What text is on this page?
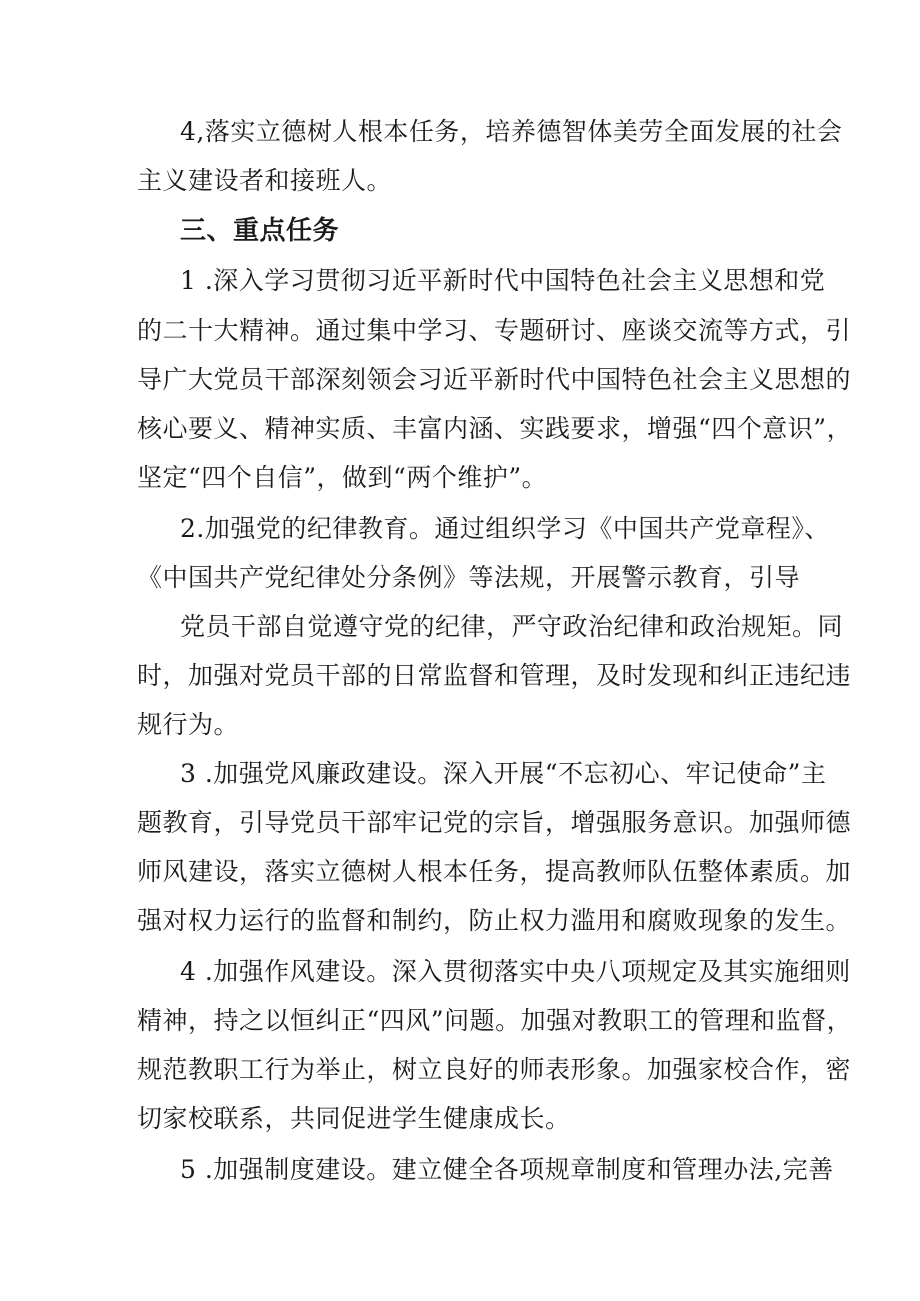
4,落实立德树人根本任务，培养德智体美劳全面发展的社会
主义建设者和接班人。
三、重点任务
1 .深入学习贯彻习近平新时代中国特色社会主义思想和党
的二十大精神。通过集中学习、专题研讨、座谈交流等方式，引
导广大党员干部深刻领会习近平新时代中国特色社会主义思想的
核心要义、精神实质、丰富内涵、实践要求，增强“四个意识”，
坚定“四个自信”，做到“两个维护”。
2.加强党的纪律教育。通过组织学习《中国共产党章程》、
《中国共产党纪律处分条例》等法规，开展警示教育，引导
党员干部自觉遵守党的纪律，严守政治纪律和政治规矩。同
时，加强对党员干部的日常监督和管理，及时发现和纠正违纪违
规行为。
3 .加强党风廉政建设。深入开展“不忘初心、牢记使命”主
题教育，引导党员干部牢记党的宗旨，增强服务意识。加强师德
师风建设，落实立德树人根本任务，提高教师队伍整体素质。加
强对权力运行的监督和制约，防止权力滥用和腐败现象的发生。
4 .加强作风建设。深入贯彻落实中央八项规定及其实施细则
精神，持之以恒纠正“四风”问题。加强对教职工的管理和监督，
规范教职工行为举止，树立良好的师表形象。加强家校合作，密
切家校联系，共同促进学生健康成长。
5 .加强制度建设。建立健全各项规章制度和管理办法,完善
